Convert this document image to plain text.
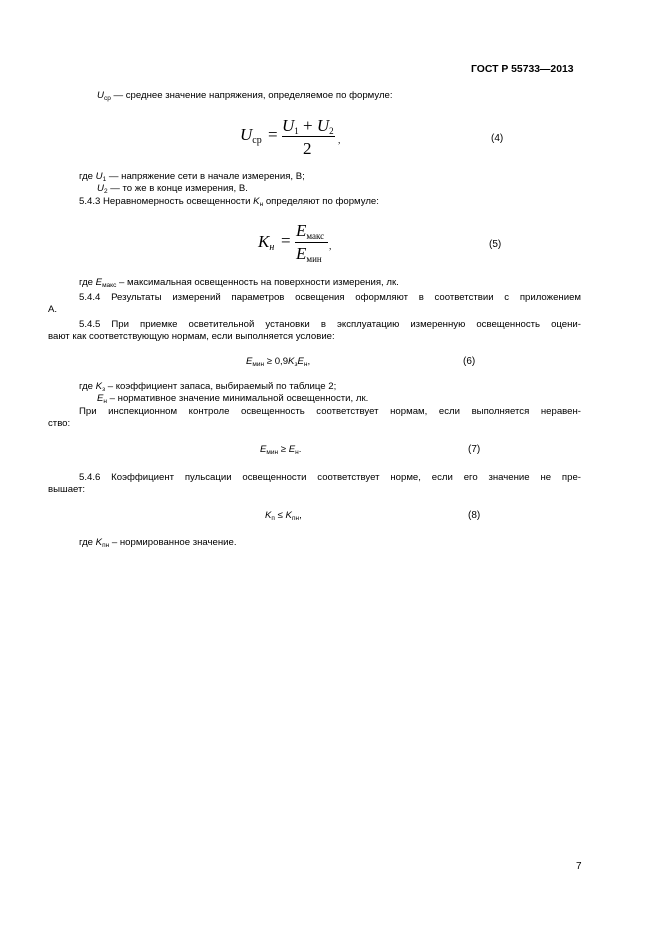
ГОСТ Р 55733—2013
$U_{ср}$ — среднее значение напряжения, определяемое по формуле:
Uср = U1 + U2
2	,	(4)
где $U_1$ — напряжение сети в начале измерения, В;
$U_2$ — то же в конце измерения, В.
5.4.3 Неравномерность освещенности $K_н$ определяют по формуле:
Kн =
Eмакс
Eмин
,	(5)
где $E_{макс}$ – максимальная освещенность на поверхности измерения, лк.
5.4.4 Результаты измерений параметров освещения оформляют в соответствии с приложением
А.
5.4.5 При приемке осветительной установки в эксплуатацию измеренную освещенность оцени-
вают как соответствующую нормам, если выполняется условие:
$E_{мин} \ge 0,9K_зE_н$,	(6)
где $K_з$ – коэффициент запаса, выбираемый по таблице 2;
$E_н$ – нормативное значение минимальной освещенности, лк.
При инспекционном контроле освещенность соответствует нормам, если выполняется неравен-
ство:
$E_{мин} \ge E_н$.	(7)
5.4.6 Коэффициент пульсации освещенности соответствует норме, если его значение не пре-
вышает:
$K_п \le K_{пн}$,	(8)
где $K_{пн}$ – нормированное значение.
7
